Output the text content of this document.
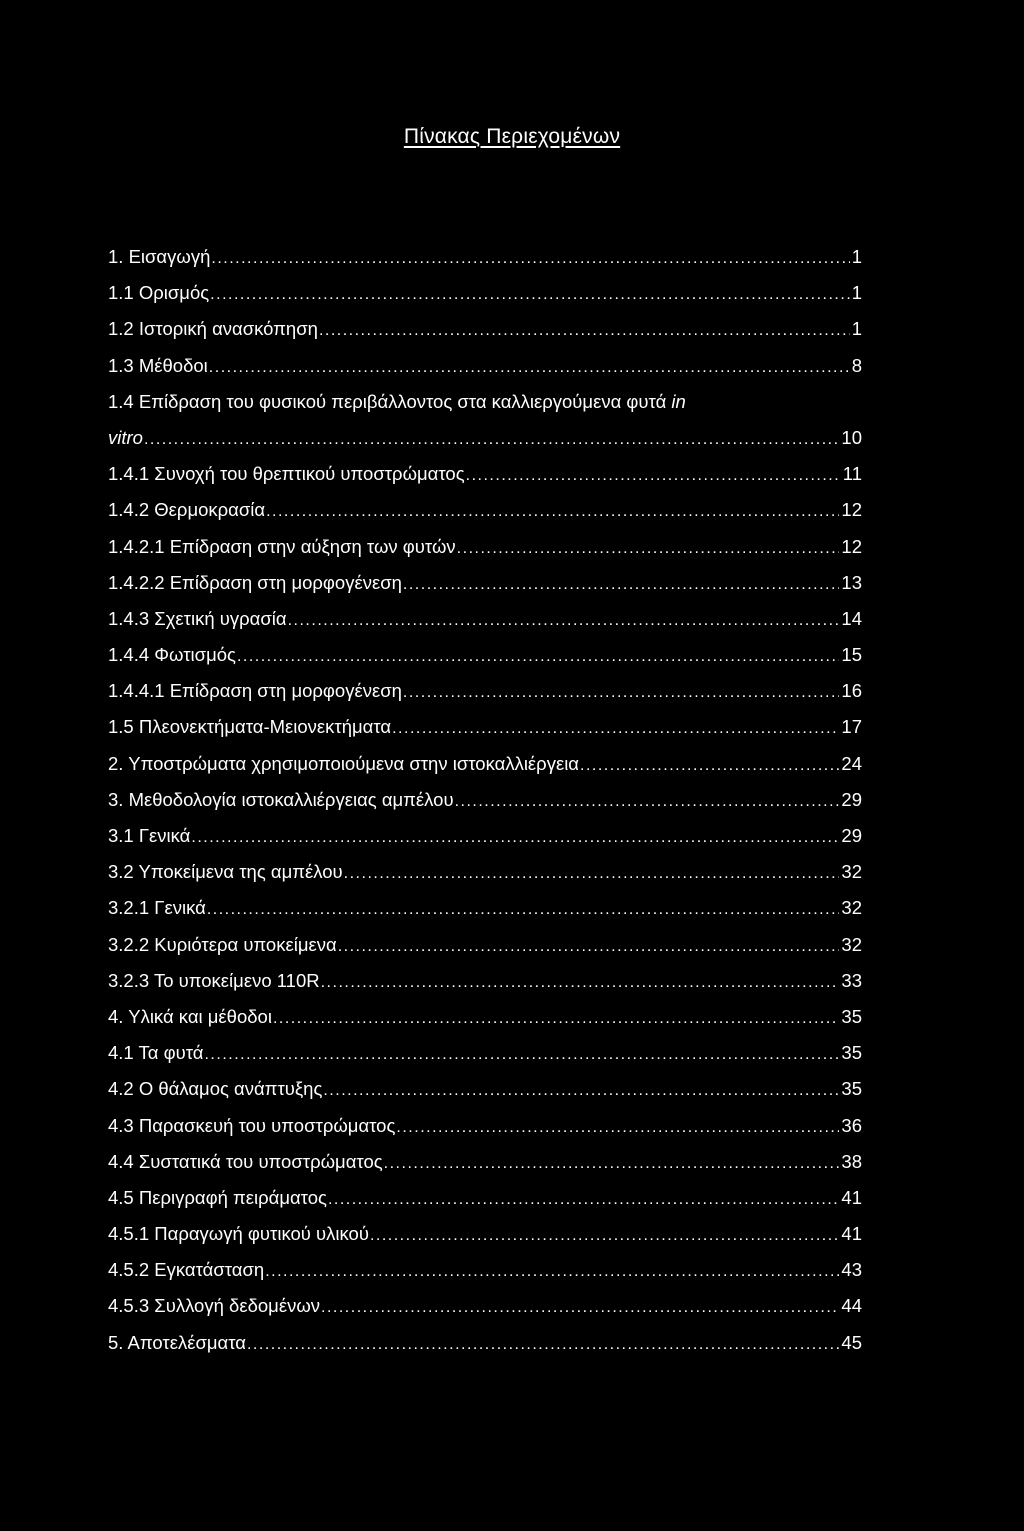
Πίνακας Περιεχομένων
1. Εισαγωγή .....	1
1.1 Ορισμός .....	1
1.2 Ιστορική ανασκόπηση .....	1
1.3 Μέθοδοι .....	8
1.4 Επίδραση του φυσικού περιβάλλοντος στα καλλιεργούμενα φυτά in
vitro .....	10
1.4.1 Συνοχή του θρεπτικού υποστρώματος .....	11
1.4.2 Θερμοκρασία .....	12
1.4.2.1 Επίδραση στην αύξηση των φυτών .....	12
1.4.2.2 Επίδραση στη μορφογένεση .....	13
1.4.3 Σχετική υγρασία .....	14
1.4.4 Φωτισμός .....	15
1.4.4.1 Επίδραση στη μορφογένεση .....	16
1.5 Πλεονεκτήματα-Μειονεκτήματα .....	17
2. Υποστρώματα χρησιμοποιούμενα στην ιστοκαλλιέργεια .....	24
3. Μεθοδολογία ιστοκαλλιέργειας αμπέλου .....	29
3.1 Γενικά .....	29
3.2 Υποκείμενα της αμπέλου .....	32
3.2.1 Γενικά .....	32
3.2.2 Κυριότερα υποκείμενα .....	32
3.2.3 Το υποκείμενο 110R .....	33
4. Υλικά και μέθοδοι .....	35
4.1 Τα φυτά .....	35
4.2 Ο θάλαμος ανάπτυξης .....	35
4.3 Παρασκευή του υποστρώματος .....	36
4.4 Συστατικά του υποστρώματος .....	38
4.5 Περιγραφή πειράματος .....	41
4.5.1 Παραγωγή φυτικού υλικού .....	41
4.5.2 Εγκατάσταση .....	43
4.5.3 Συλλογή δεδομένων .....	44
5. Αποτελέσματα .....	45
